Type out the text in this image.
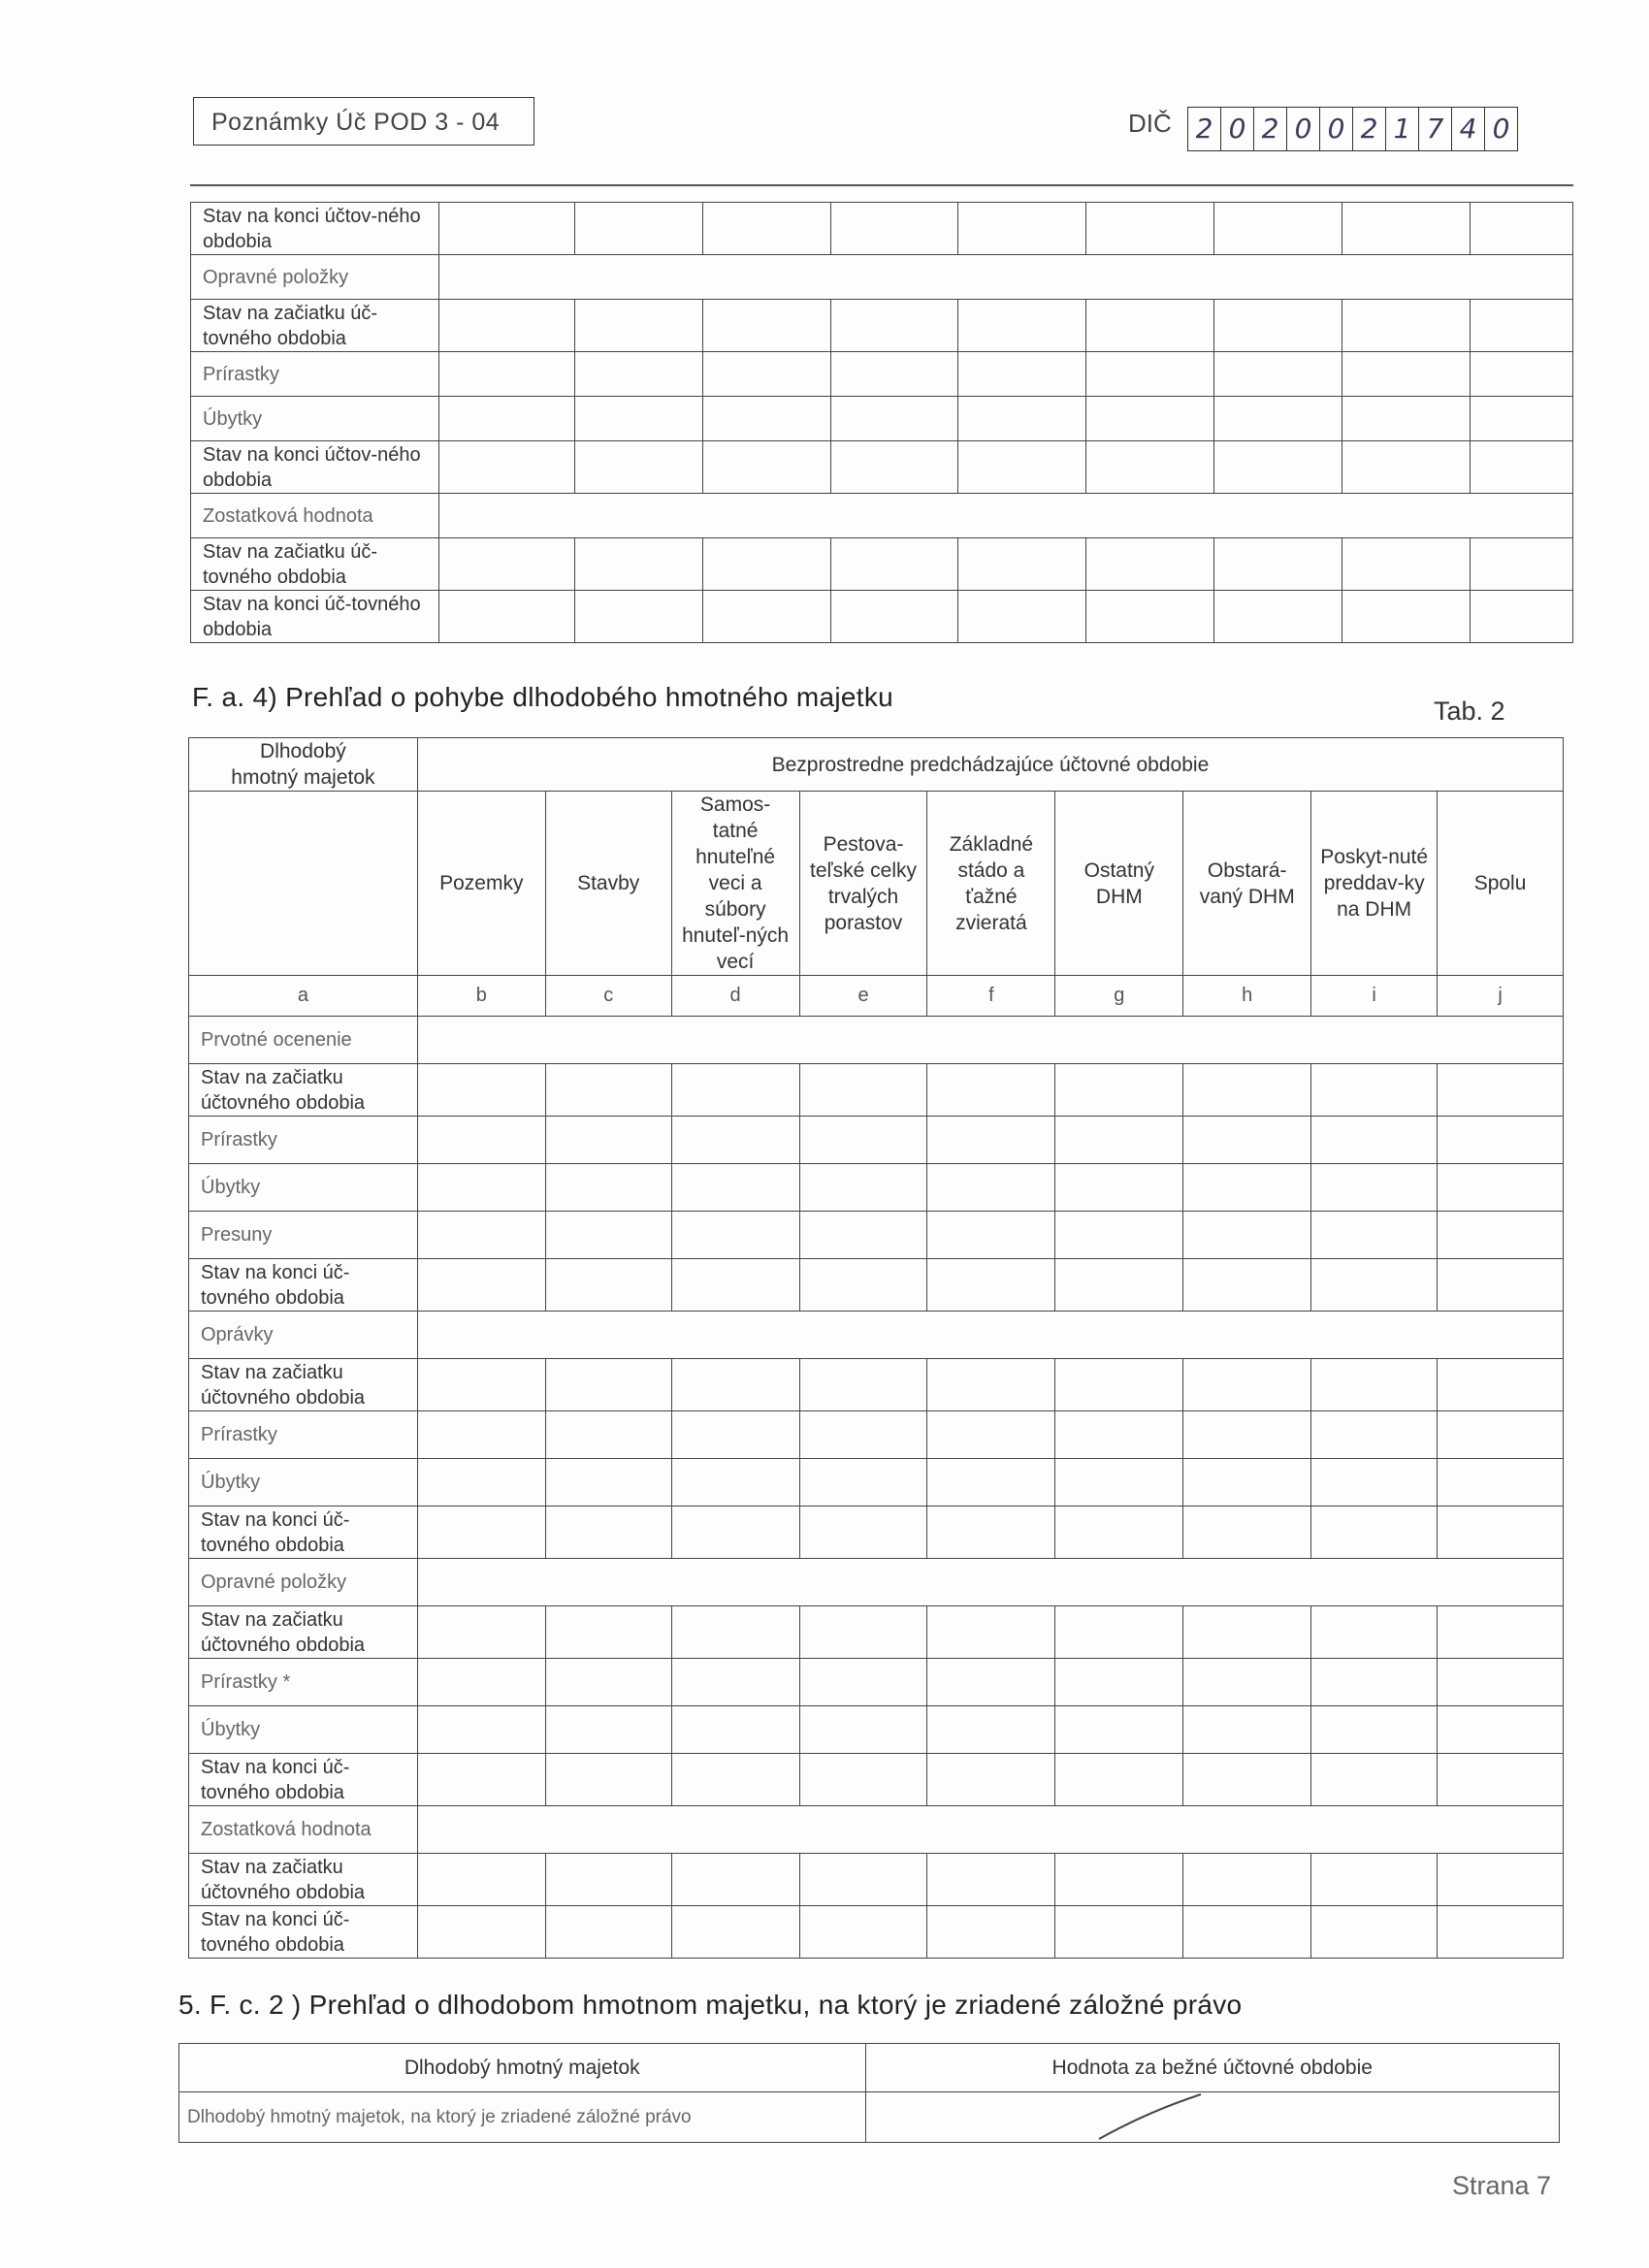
Poznámky Úč POD 3 - 04	DIČ 2 0 2 0 0 2 1 7 4 0
Stav na konci účtov-ného obdobia									
Opravné položky									
Stav na začiatku úč-tovného obdobia									
Prírastky									
Úbytky									
Stav na konci účtov-ného obdobia									
Zostatková hodnota									
Stav na začiatku úč-tovného obdobia									
Stav na konci úč-tovného obdobia									
F. a. 4) Prehľad o pohybe dlhodobého hmotného majetku	Tab. 2
Dlhodobý hmotný majetok	Bezprostredne predchádzajúce účtovné obdobie								
	Pozemky	Stavby	Samos-tatné hnuteľné veci a súbory hnuteľ-ných vecí	Pestova-teľské celky trvalých porastov	Základné stádo a ťažné zvieratá	Ostatný DHM	Obstará-vaný DHM	Poskyt-nuté preddav-ky na DHM	Spolu
a	b	c	d	e	f	g	h	i	j
Prvotné ocenenie									
Stav na začiatku účtovného obdobia									
Prírastky									
Úbytky									
Presuny									
Stav na konci úč-tovného obdobia									
Oprávky									
Stav na začiatku účtovného obdobia									
Prírastky									
Úbytky									
Stav na konci úč-tovného obdobia									
Opravné položky									
Stav na začiatku účtovného obdobia									
Prírastky *									
Úbytky									
Stav na konci úč-tovného obdobia									
Zostatková hodnota									
Stav na začiatku účtovného obdobia									
Stav na konci úč-tovného obdobia									
5. F. c. 2 ) Prehľad o dlhodobom hmotnom majetku, na ktorý je zriadené záložné právo
Dlhodobý hmotný majetok	Hodnota za bežné účtovné obdobie
Dlhodobý hmotný majetok, na ktorý je zriadené záložné právo	
Strana 7
